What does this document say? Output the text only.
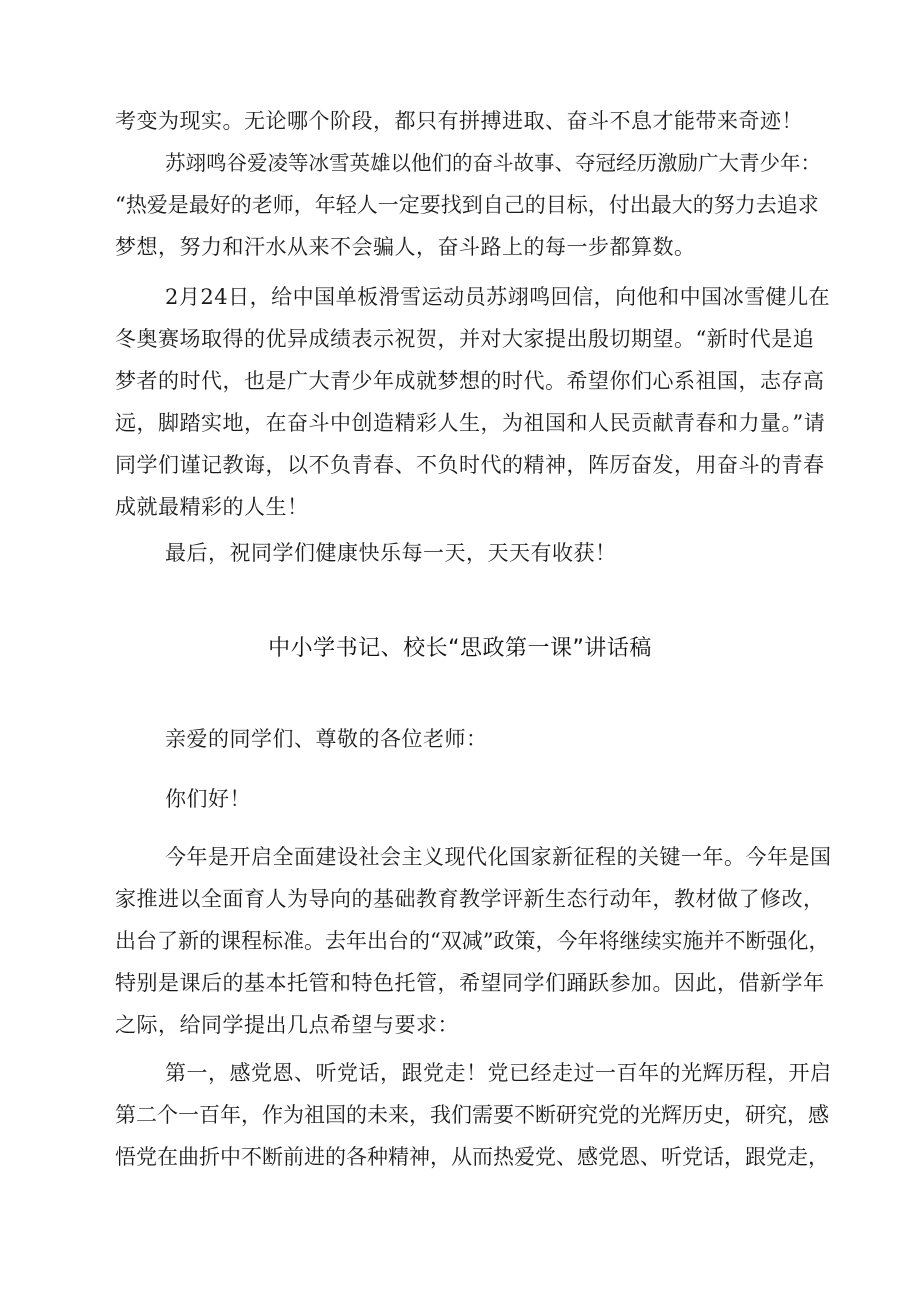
考变为现实。无论哪个阶段，都只有拼搏进取、奋斗不息才能带来奇迹！
苏翊鸣谷爱凌等冰雪英雄以他们的奋斗故事、夺冠经历激励广大青少年：
“热爱是最好的老师，年轻人一定要找到自己的目标，付出最大的努力去追求
梦想，努力和汗水从来不会骗人，奋斗路上的每一步都算数。
2月24日，给中国单板滑雪运动员苏翊鸣回信，向他和中国冰雪健儿在
冬奥赛场取得的优异成绩表示祝贺，并对大家提出殷切期望。“新时代是追
梦者的时代，也是广大青少年成就梦想的时代。希望你们心系祖国，志存高
远，脚踏实地，在奋斗中创造精彩人生，为祖国和人民贡献青春和力量。”请
同学们谨记教诲，以不负青春、不负时代的精神，阵厉奋发，用奋斗的青春
成就最精彩的人生！
最后，祝同学们健康快乐每一天，天天有收获！
中小学书记、校长“思政第一课”讲话稿
亲爱的同学们、尊敬的各位老师：
你们好！
今年是开启全面建设社会主义现代化国家新征程的关键一年。今年是国
家推进以全面育人为导向的基础教育教学评新生态行动年，教材做了修改，
出台了新的课程标准。去年出台的“双减”政策，今年将继续实施并不断强化，
特别是课后的基本托管和特色托管，希望同学们踊跃参加。因此，借新学年
之际，给同学提出几点希望与要求：
第一，感党恩、听党话，跟党走！党已经走过一百年的光辉历程，开启
第二个一百年，作为祖国的未来，我们需要不断研究党的光辉历史，研究，感
悟党在曲折中不断前进的各种精神，从而热爱党、感党恩、听党话，跟党走，
